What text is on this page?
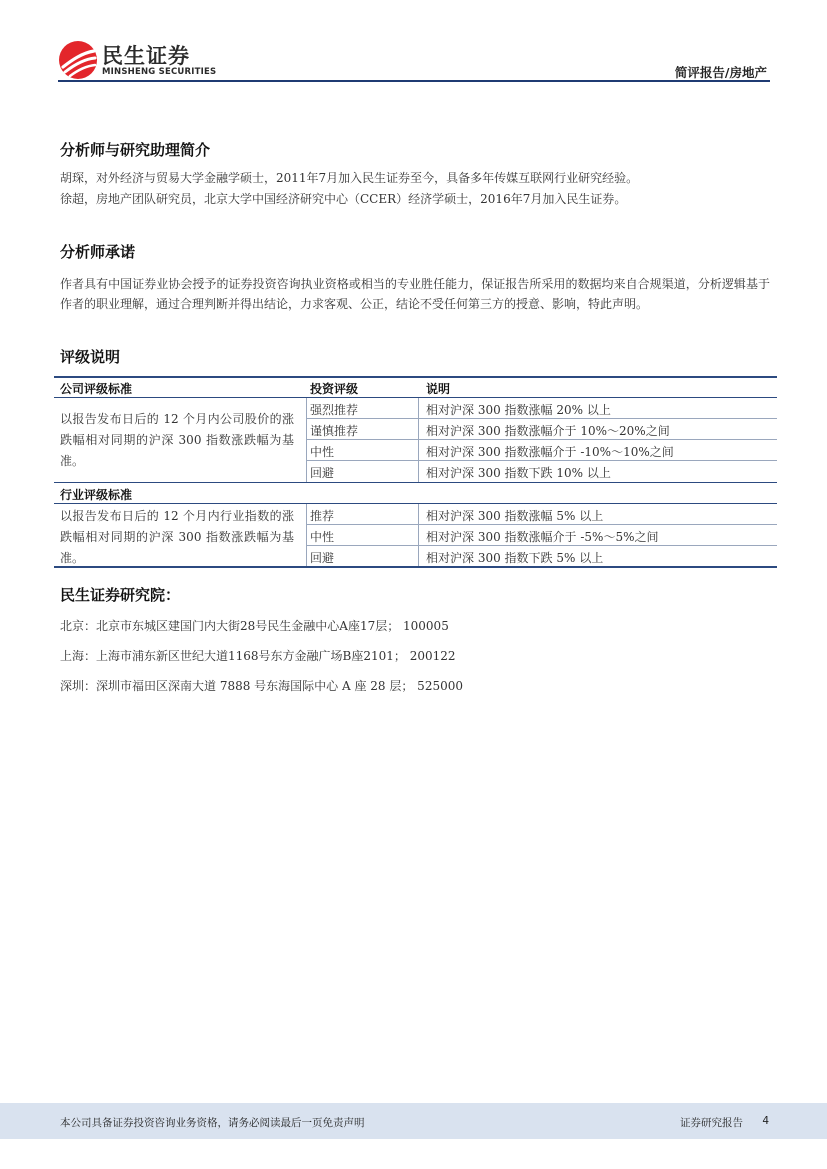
民生证券
MINSHENG SECURITIES	简评报告/房地产
分析师与研究助理简介
胡琛，对外经济与贸易大学金融学硕士，2011年7月加入民生证券至今，具备多年传媒互联网行业研究经验。
徐超，房地产团队研究员，北京大学中国经济研究中心（CCER）经济学硕士，2016年7月加入民生证券。
分析师承诺
作者具有中国证券业协会授予的证券投资咨询执业资格或相当的专业胜任能力，保证报告所采用的数据均来自合规渠道，分析逻辑基于作者的职业理解，通过合理判断并得出结论，力求客观、公正，结论不受任何第三方的授意、影响，特此声明。
评级说明
公司评级标准	投资评级	说明
以报告发布日后的 12 个月内公司股价的涨跌幅相对同期的沪深 300 指数涨跌幅为基准。
强烈推荐	相对沪深 300 指数涨幅 20% 以上
谨慎推荐	相对沪深 300 指数涨幅介于 10%～20%之间
中性	相对沪深 300 指数涨幅介于 -10%～10%之间
回避	相对沪深 300 指数下跌 10% 以上
行业评级标准
以报告发布日后的 12 个月内行业指数的涨跌幅相对同期的沪深 300 指数涨跌幅为基准。
推荐	相对沪深 300 指数涨幅 5% 以上
中性	相对沪深 300 指数涨幅介于 -5%～5%之间
回避	相对沪深 300 指数下跌 5% 以上
民生证券研究院：
北京：北京市东城区建国门内大街28号民生金融中心A座17层； 100005
上海：上海市浦东新区世纪大道1168号东方金融广场B座2101； 200122
深圳：深圳市福田区深南大道 7888 号东海国际中心 A 座 28 层； 525000
本公司具备证券投资咨询业务资格，请务必阅读最后一页免责声明	证券研究报告 4
